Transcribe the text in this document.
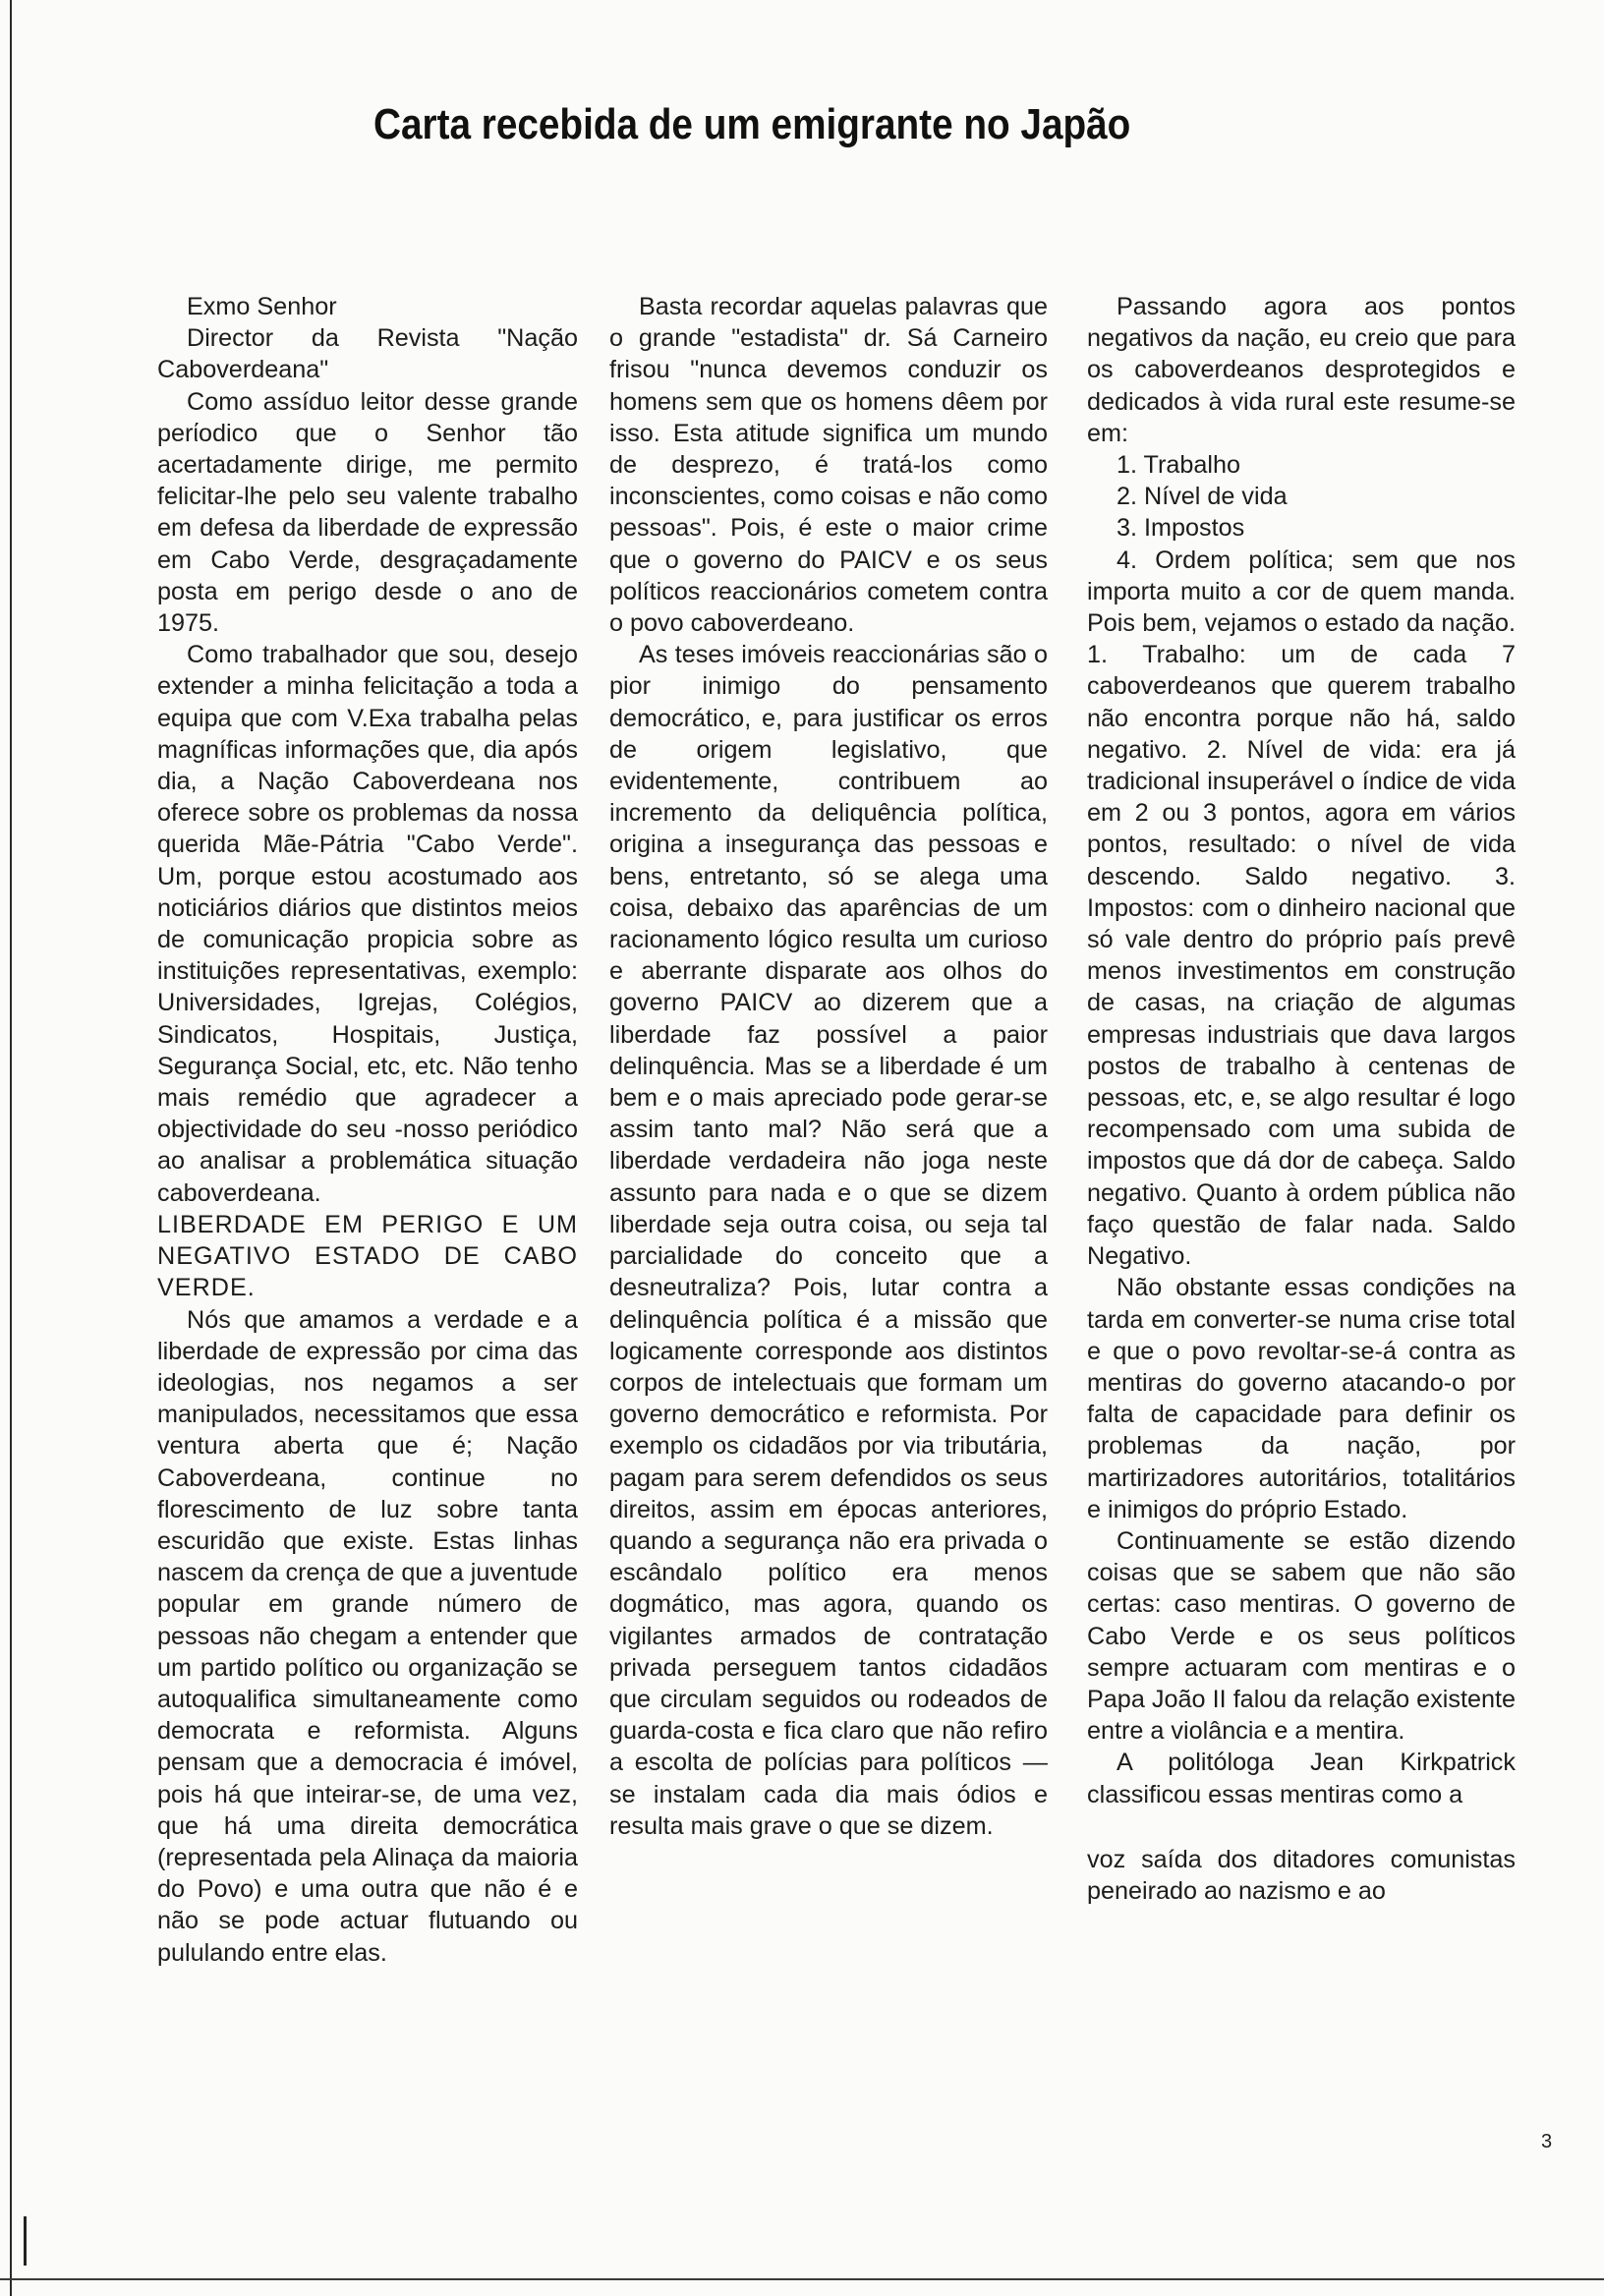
Carta recebida de um emigrante no Japão

Exmo Senhor

Director da Revista "Nação Caboverdeana"

Como assíduo leitor desse grande perίodico que o Senhor tão acertadamente dirige, me permito felicitar-lhe pelo seu valente trabalho em defesa da liberdade de expressão em Cabo Verde, desgraçadamente posta em perigo desde o ano de 1975.

Como trabalhador que sou, desejo extender a minha felicitação a toda a equipa que com V.Exa trabalha pelas magníficas informações que, dia após dia, a Nação Caboverdeana nos oferece sobre os problemas da nossa querida Mãe-Pátria "Cabo Verde". Um, porque estou acostumado aos noticiários diários que distintos meios de comunicação propicia sobre as instituições representativas, exemplo: Universidades, Igrejas, Colégios, Sindicatos, Hospitais, Justiça, Segurança Social, etc, etc. Não tenho mais remédio que agradecer a objectividade do seu -nosso periódico ao analisar a problemática situação caboverdeana.

LIBERDADE EM PERIGO E UM NEGATIVO ESTADO DE CABO VERDE.

Nós que amamos a verdade e a liberdade de expressão por cima das ideologias, nos negamos a ser manipulados, necessitamos que essa ventura aberta que é; Nação Caboverdeana, continue no florescimento de luz sobre tanta escuridão que existe. Estas linhas nascem da crença de que a juventude popular em grande número de pessoas não chegam a entender que um partido político ou organização se autoqualifica simultaneamente como democrata e reformista. Alguns pensam que a democracia é imóvel, pois há que inteirar-se, de uma vez, que há uma direita democrática (representada pela Alinaça da maioria do Povo) e uma outra que não é e não se pode actuar flutuando ou pululando entre elas.

Basta recordar aquelas palavras que o grande "estadista" dr. Sá Carneiro frisou "nunca devemos conduzir os homens sem que os homens dêem por isso. Esta atitude significa um mundo de desprezo, é tratá-los como inconscientes, como coisas e não como pessoas". Pois, é este o maior crime que o governo do PAICV e os seus políticos reaccionários cometem contra o povo caboverdeano.

As teses imóveis reaccionárias são o pior inimigo do pensamento democrático, e, para justificar os erros de origem legislativo, que evidentemente, contribuem ao incremento da deliquência política, origina a insegurança das pessoas e bens, entretanto, só se alega uma coisa, debaixo das aparências de um racionamento lógico resulta um curioso e aberrante disparate aos olhos do governo PAICV ao dizerem que a liberdade faz possível a paior delinquência. Mas se a liberdade é um bem e o mais apreciado pode gerar-se assim tanto mal? Não será que a liberdade verdadeira não joga neste assunto para nada e o que se dizem liberdade seja outra coisa, ou seja tal parcialidade do conceito que a desneutraliza? Pois, lutar contra a delinquência política é a missão que logicamente corresponde aos distintos corpos de intelectuais que formam um governo democrático e reformista. Por exemplo os cidadãos por via tributária, pagam para serem defendidos os seus direitos, assim em épocas anteriores, quando a segurança não era privada o escândalo político era menos dogmático, mas agora, quando os vigilantes armados de contratação privada perseguem tantos cidadãos que circulam seguidos ou rodeados de guarda-costa e fica claro que não refiro a escolta de polícias para políticos — se instalam cada dia mais ódios e resulta mais grave o que se dizem.

Passando agora aos pontos negativos da nação, eu creio que para os caboverdeanos desprotegidos e dedicados à vida rural este resume-se em:

1. Trabalho

2. Nível de vida

3. Impostos

4. Ordem política; sem que nos importa muito a cor de quem manda. Pois bem, vejamos o estado da nação. 1. Trabalho: um de cada 7 caboverdeanos que querem trabalho não encontra porque não há, saldo negativo. 2. Nível de vida: era já tradicional insuperável o índice de vida em 2 ou 3 pontos, agora em vários pontos, resultado: o nível de vida descendo. Saldo negativo. 3. Impostos: com o dinheiro nacional que só vale dentro do próprio país prevê menos investimentos em construção de casas, na criação de algumas empresas industriais que dava largos postos de trabalho à centenas de pessoas, etc, e, se algo resultar é logo recompensado com uma subida de impostos que dá dor de cabeça. Saldo negativo. Quanto à ordem pública não faço questão de falar nada. Saldo Negativo.

Não obstante essas condições na tarda em converter-se numa crise total e que o povo revoltar-se-á contra as mentiras do governo atacando-o por falta de capacidade para definir os problemas da nação, por martirizadores autoritários, totalitários e inimigos do próprio Estado.

Continuamente se estão dizendo coisas que se sabem que não são certas: caso mentiras. O governo de Cabo Verde e os seus políticos sempre actuaram com mentiras e o Papa João II falou da relação existente entre a violância e a mentira.

A politóloga Jean Kirkpatrick classificou essas mentiras como a

voz saída dos ditadores comunistas peneirado ao nazismo e ao

3
